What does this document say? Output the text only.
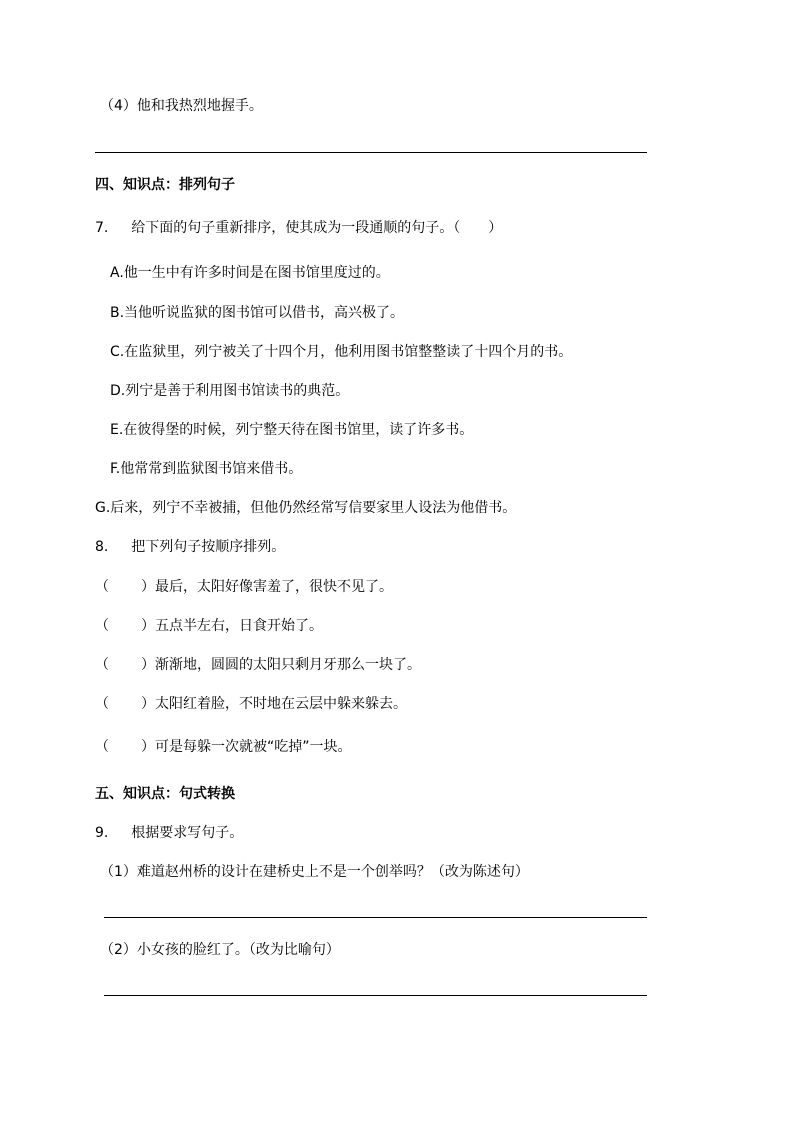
（4）他和我热烈地握手。
四、知识点：排列句子
7. 给下面的句子重新排序，使其成为一段通顺的句子。（　　）
A.他一生中有许多时间是在图书馆里度过的。
B.当他听说监狱的图书馆可以借书，高兴极了。
C.在监狱里，列宁被关了十四个月，他利用图书馆整整读了十四个月的书。
D.列宁是善于利用图书馆读书的典范。
E.在彼得堡的时候，列宁整天待在图书馆里，读了许多书。
F.他常常到监狱图书馆来借书。
G.后来，列宁不幸被捕，但他仍然经常写信要家里人设法为他借书。
8. 把下列句子按顺序排列。
（ ）最后，太阳好像害羞了，很快不见了。
（ ）五点半左右，日食开始了。
（ ）渐渐地，圆圆的太阳只剩月牙那么一块了。
（ ）太阳红着脸，不时地在云层中躲来躲去。
（ ）可是每躲一次就被“吃掉”一块。
五、知识点：句式转换
9. 根据要求写句子。
（1）难道赵州桥的设计在建桥史上不是一个创举吗？（改为陈述句）
（2）小女孩的脸红了。（改为比喻句）
